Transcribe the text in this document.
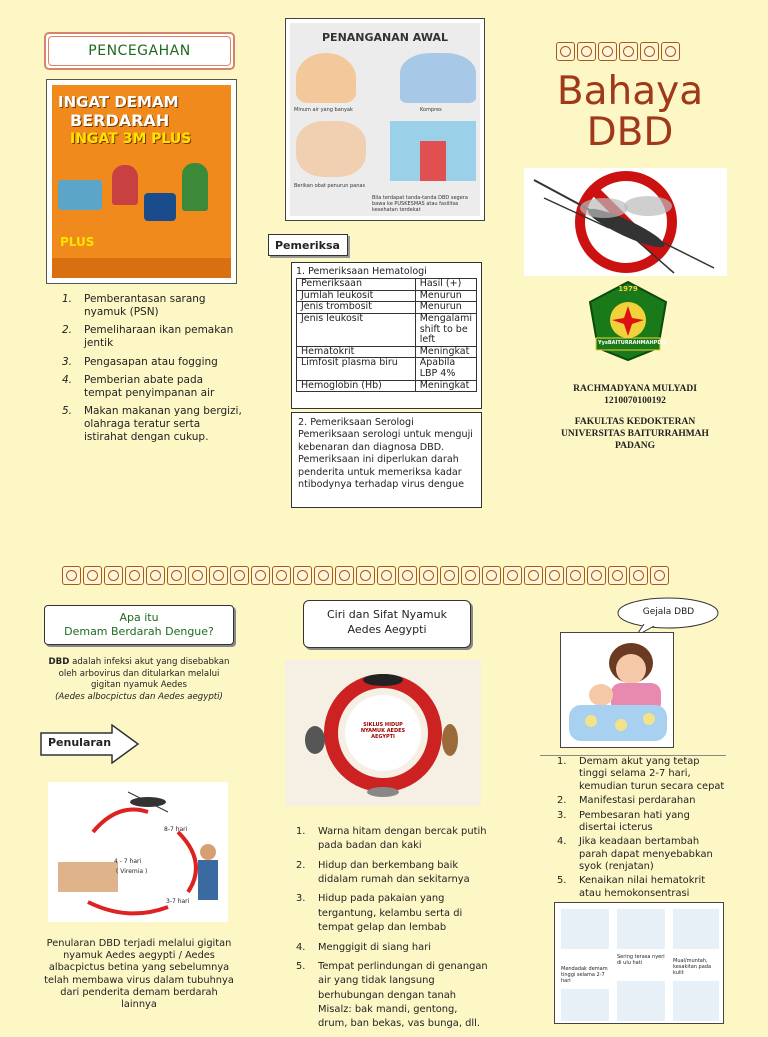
PENCEGAHAN
INGAT DEMAM
BERDARAH
INGAT 3M PLUS
PLUS
1. Pemberantasan sarang nyamuk (PSN)
2. Pemeliharaan ikan pemakan jentik
3. Pengasapan atau fogging
4. Pemberian abate pada tempat penyimpanan air
5. Makan makanan yang bergizi, olahraga teratur serta istirahat dengan cukup.
PENANGANAN AWAL
Minum air yang banyak	Kompres
Berikan obat penurun panas
Bila terdapat tanda-tanda DBD segera bawa ke PUSKESMAS atau fasilitas kesehatan terdekat
Pemeriksa
1. Pemeriksaan Hematologi
Pemeriksaan	Hasil (+)
Jumlah leukosit	Menurun
Jenis trombosit	Menurun
Jenis leukosit	Mengalami shift to be left
Hematokrit	Meningkat
Limfosit plasma biru	Apabila LBP 4%
Hemoglobin (Hb)	Meningkat
2. Pemeriksaan Serologi Pemeriksaan serologi untuk menguji kebenaran dan diagnosa DBD. Pemeriksaan ini diperlukan darah penderita untuk memeriksa kadar ntibodynya terhadap virus dengue
Bahaya
DBD
1979
Yys BAITURRAHMAH PDG
RACHMADYANA MULYADI
1210070100192
FAKULTAS KEDOKTERAN
UNIVERSITAS BAITURRAHMAH
PADANG
Apa itu
Demam Berdarah Dengue?
DBD adalah infeksi akut yang disebabkan oleh arbovirus dan ditularkan melalui gigitan nyamuk Aedes
(Aedes albocpictus dan Aedes aegypti)
Penularan
8-7 hari
4 - 7 hari
( Viremia )
3-7 hari
Penularan DBD terjadi melalui gigitan nyamuk Aedes aegypti / Aedes albacpictus betina yang sebelumnya telah membawa virus dalam tubuhnya dari penderita demam berdarah lainnya
Ciri dan Sifat Nyamuk
Aedes Aegypti
SIKLUS HIDUP NYAMUK AEDES AEGYPTI
1. Warna hitam dengan bercak putih pada badan dan kaki
2. Hidup dan berkembang baik didalam rumah dan sekitarnya
3. Hidup pada pakaian yang tergantung, kelambu serta di tempat gelap dan lembab
4. Menggigit di siang hari
5. Tempat perlindungan di genangan air yang tidak langsung berhubungan dengan tanah Misalz: bak mandi, gentong, drum, ban bekas, vas bunga, dll.
Gejala DBD
1. Demam akut yang tetap tinggi selama 2-7 hari, kemudian turun secara cepat
2. Manifestasi perdarahan
3. Pembesaran hati yang disertai icterus
4. Jika keadaan bertambah parah dapat menyebabkan syok (renjatan)
5. Kenaikan nilai hematokrit atau hemokonsentrasi
Sering terasa nyeri di ulu hati	Mual/muntah, kesakitan pada kulit
Mendadak demam tinggi selama 2-7 hari
